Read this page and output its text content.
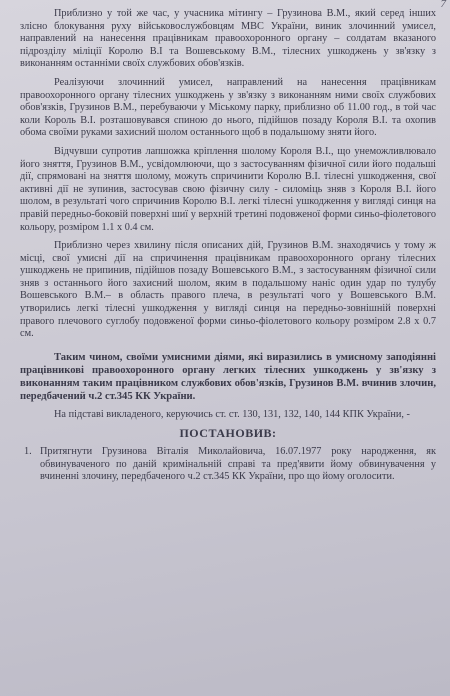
7

Приблизно у той же час, у учасника мітингу – Грузинова В.М., який серед інших злісно блокування руху військовослужбовцям МВС України, виник злочинний умисел, направлений на нанесення працівникам правоохоронного органу – солдатам вказаного підрозділу міліції Королю В.І та Вошевському В.М., тілесних ушкоджень у зв'язку з виконанням останніми своїх службових обов'язків.

Реалізуючи злочинний умисел, направлений на нанесення працівникам правоохоронного органу тілесних ушкоджень у зв'язку з виконанням ними своїх службових обов'язків, Грузинов В.М., перебуваючи у Міському парку, приблизно об 11.00 год., в той час коли Король В.І. розташовувався спиною до нього, підійшов позаду Короля В.І. та охопив обома своїми руками захисний шолом останнього щоб в подальшому зняти його.

Відчувши супротив лапшожка кріплення шолому Короля В.І., що унеможливлювало його зняття, Грузинов В.М., усвідомлюючи, що з застосуванням фізичної сили його подальші дії, спрямовані на зняття шолому, можуть спричинити Королю В.І. тілесні ушкодження, свої активні дії не зупинив, застосував свою фізичну силу - силоміць зняв з Короля В.І. його шолом, в результаті чого спричинив Королю В.І. легкі тілесні ушкодження у вигляді синця на правій передньо-боковій поверхні шиї у верхній третині подовженої форми синьо-фіолетового кольору, розміром 1.1 х 0.4 см.

Приблизно через хвилину після описаних дій, Грузинов В.М. знаходячись у тому ж місці, свої умисні дії на спричинення працівникам правоохоронного органу тілесних ушкоджень не припинив, підійшов позаду Вошевського В.М., з застосуванням фізичної сили зняв з останнього його захисний шолом, яким в подальшому наніс один удар по тулубу Вошевського В.М.– в область правого плеча, в результаті чого у Вошевського В.М. утворились легкі тілесні ушкодження у вигляді синця на передньо-зовнішній поверхні правого плечового суглобу подовженої форми синьо-фіолетового кольору розміром 2.8 х 0.7 см.

Таким чином, своїми умисними діями, які виразились в умисному заподіянні працівникові правоохоронного органу легких тілесних ушкоджень у зв'язку з виконанням таким працівником службових обов'язків, Грузинов В.М. вчинив злочин, передбачений ч.2 ст.345 КК України.

На підставі викладеного, керуючись ст. ст. 130, 131, 132, 140, 144 КПК України, -

ПОСТАНОВИВ:
1. Притягнути Грузинова Віталія Миколайовича, 16.07.1977 року народження, як обвинуваченого по даній кримінальній справі та пред'явити йому обвинувачення у вчиненні злочину, передбаченого ч.2 ст.345 КК України, про що йому оголосити.
